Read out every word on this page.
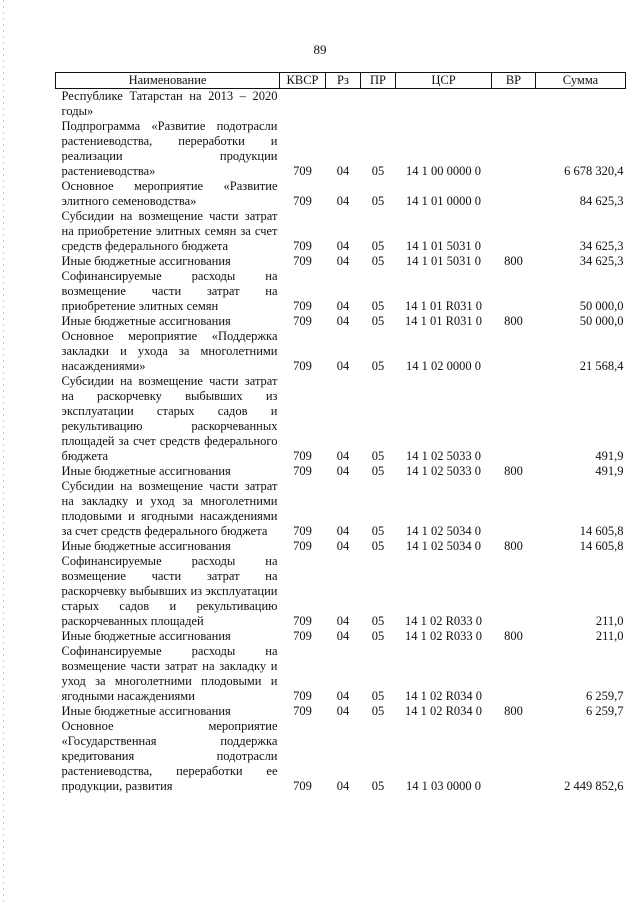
89
Наименование	КВСР	Рз	ПР	ЦСР	ВР	Сумма
Республике Татарстан на 2013 – 2020 годы»						
Подпрограмма «Развитие подотрасли растениеводства, переработки и реализации продукции растениеводства»	709	04	05	14 1 00 0000 0		6 678 320,4
Основное мероприятие «Развитие элитного семеноводства»	709	04	05	14 1 01 0000 0		84 625,3
Субсидии на возмещение части затрат на приобретение элитных семян за счет средств федерального бюджета	709	04	05	14 1 01 5031 0		34 625,3
Иные бюджетные ассигнования	709	04	05	14 1 01 5031 0	800	34 625,3
Софинансируемые расходы на возмещение части затрат на приобретение элитных семян	709	04	05	14 1 01 R031 0		50 000,0
Иные бюджетные ассигнования	709	04	05	14 1 01 R031 0	800	50 000,0
Основное мероприятие «Поддержка закладки и ухода за многолетними насаждениями»	709	04	05	14 1 02 0000 0		21 568,4
Субсидии на возмещение части затрат на раскорчевку выбывших из эксплуатации старых садов и рекультивацию раскорчеванных площадей за счет средств федерального бюджета	709	04	05	14 1 02 5033 0		491,9
Иные бюджетные ассигнования	709	04	05	14 1 02 5033 0	800	491,9
Субсидии на возмещение части затрат на закладку и уход за многолетними плодовыми и ягодными насаждениями за счет средств федерального бюджета	709	04	05	14 1 02 5034 0		14 605,8
Иные бюджетные ассигнования	709	04	05	14 1 02 5034 0	800	14 605,8
Софинансируемые расходы на возмещение части затрат на раскорчевку выбывших из эксплуатации старых садов и рекультивацию раскорчеванных площадей	709	04	05	14 1 02 R033 0		211,0
Иные бюджетные ассигнования	709	04	05	14 1 02 R033 0	800	211,0
Софинансируемые расходы на возмещение части затрат на закладку и уход за многолетними плодовыми и ягодными насаждениями	709	04	05	14 1 02 R034 0		6 259,7
Иные бюджетные ассигнования	709	04	05	14 1 02 R034 0	800	6 259,7
Основное мероприятие «Государственная поддержка кредитования подотрасли растениеводства, переработки ее продукции, развития	709	04	05	14 1 03 0000 0		2 449 852,6
